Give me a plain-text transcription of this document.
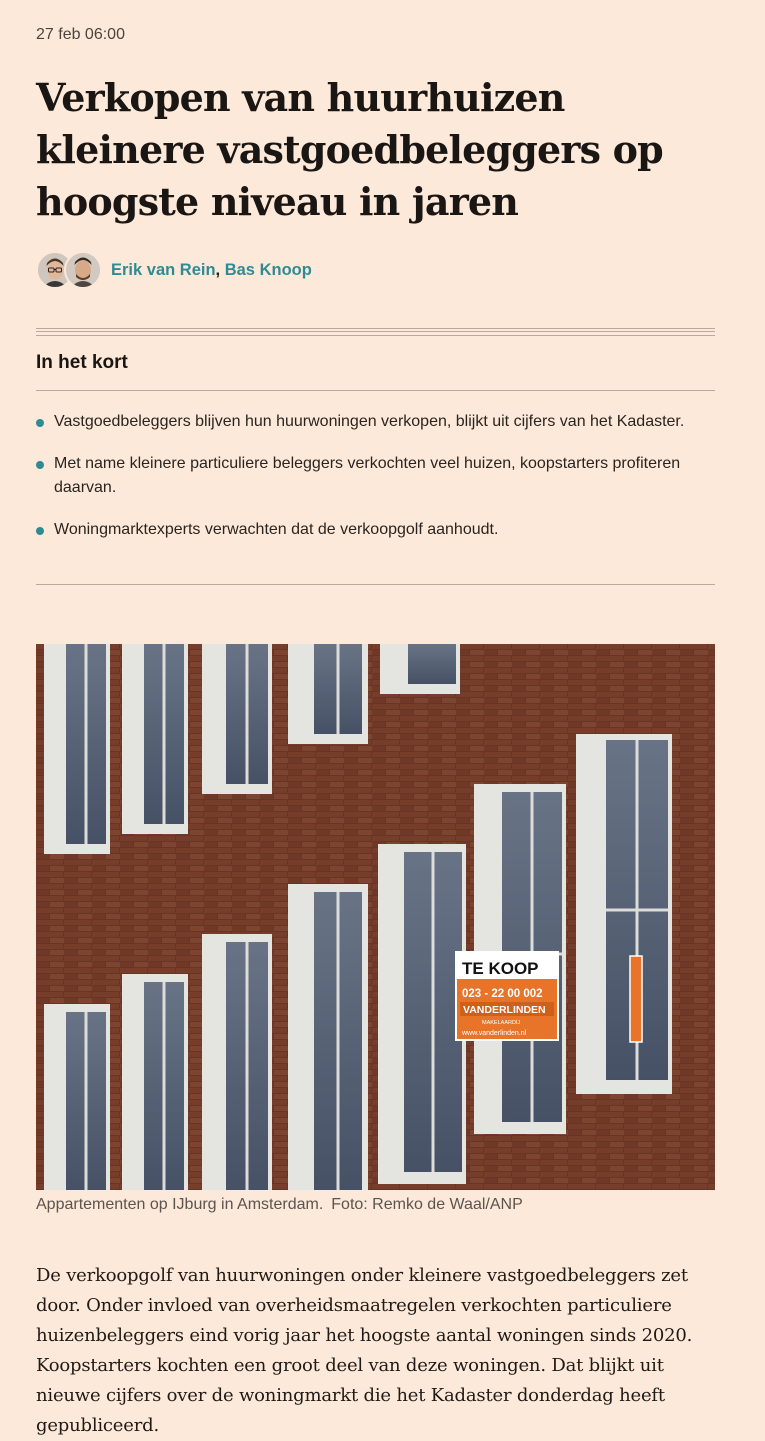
27 feb 06:00
Verkopen van huurhuizen kleinere vastgoedbeleggers op hoogste niveau in jaren
Erik van Rein, Bas Knoop
In het kort
Vastgoedbeleggers blijven hun huurwoningen verkopen, blijkt uit cijfers van het Kadaster.
Met name kleinere particuliere beleggers verkochten veel huizen, koopstarters profiteren daarvan.
Woningmarktexperts verwachten dat de verkoopgolf aanhoudt.
TE KOOP
023 - 22 00 002
VANDERLINDEN
MAKELAARDIJ
www.vanderlinden.nl
Appartementen op IJburg in Amsterdam. Foto: Remko de Waal/ANP

De verkoopgolf van huurwoningen onder kleinere vastgoedbeleggers zet door. Onder invloed van overheidsmaatregelen verkochten particuliere huizenbeleggers eind vorig jaar het hoogste aantal woningen sinds 2020. Koopstarters kochten een groot deel van deze woningen. Dat blijkt uit nieuwe cijfers over de woningmarkt die het Kadaster donderdag heeft gepubliceerd.
